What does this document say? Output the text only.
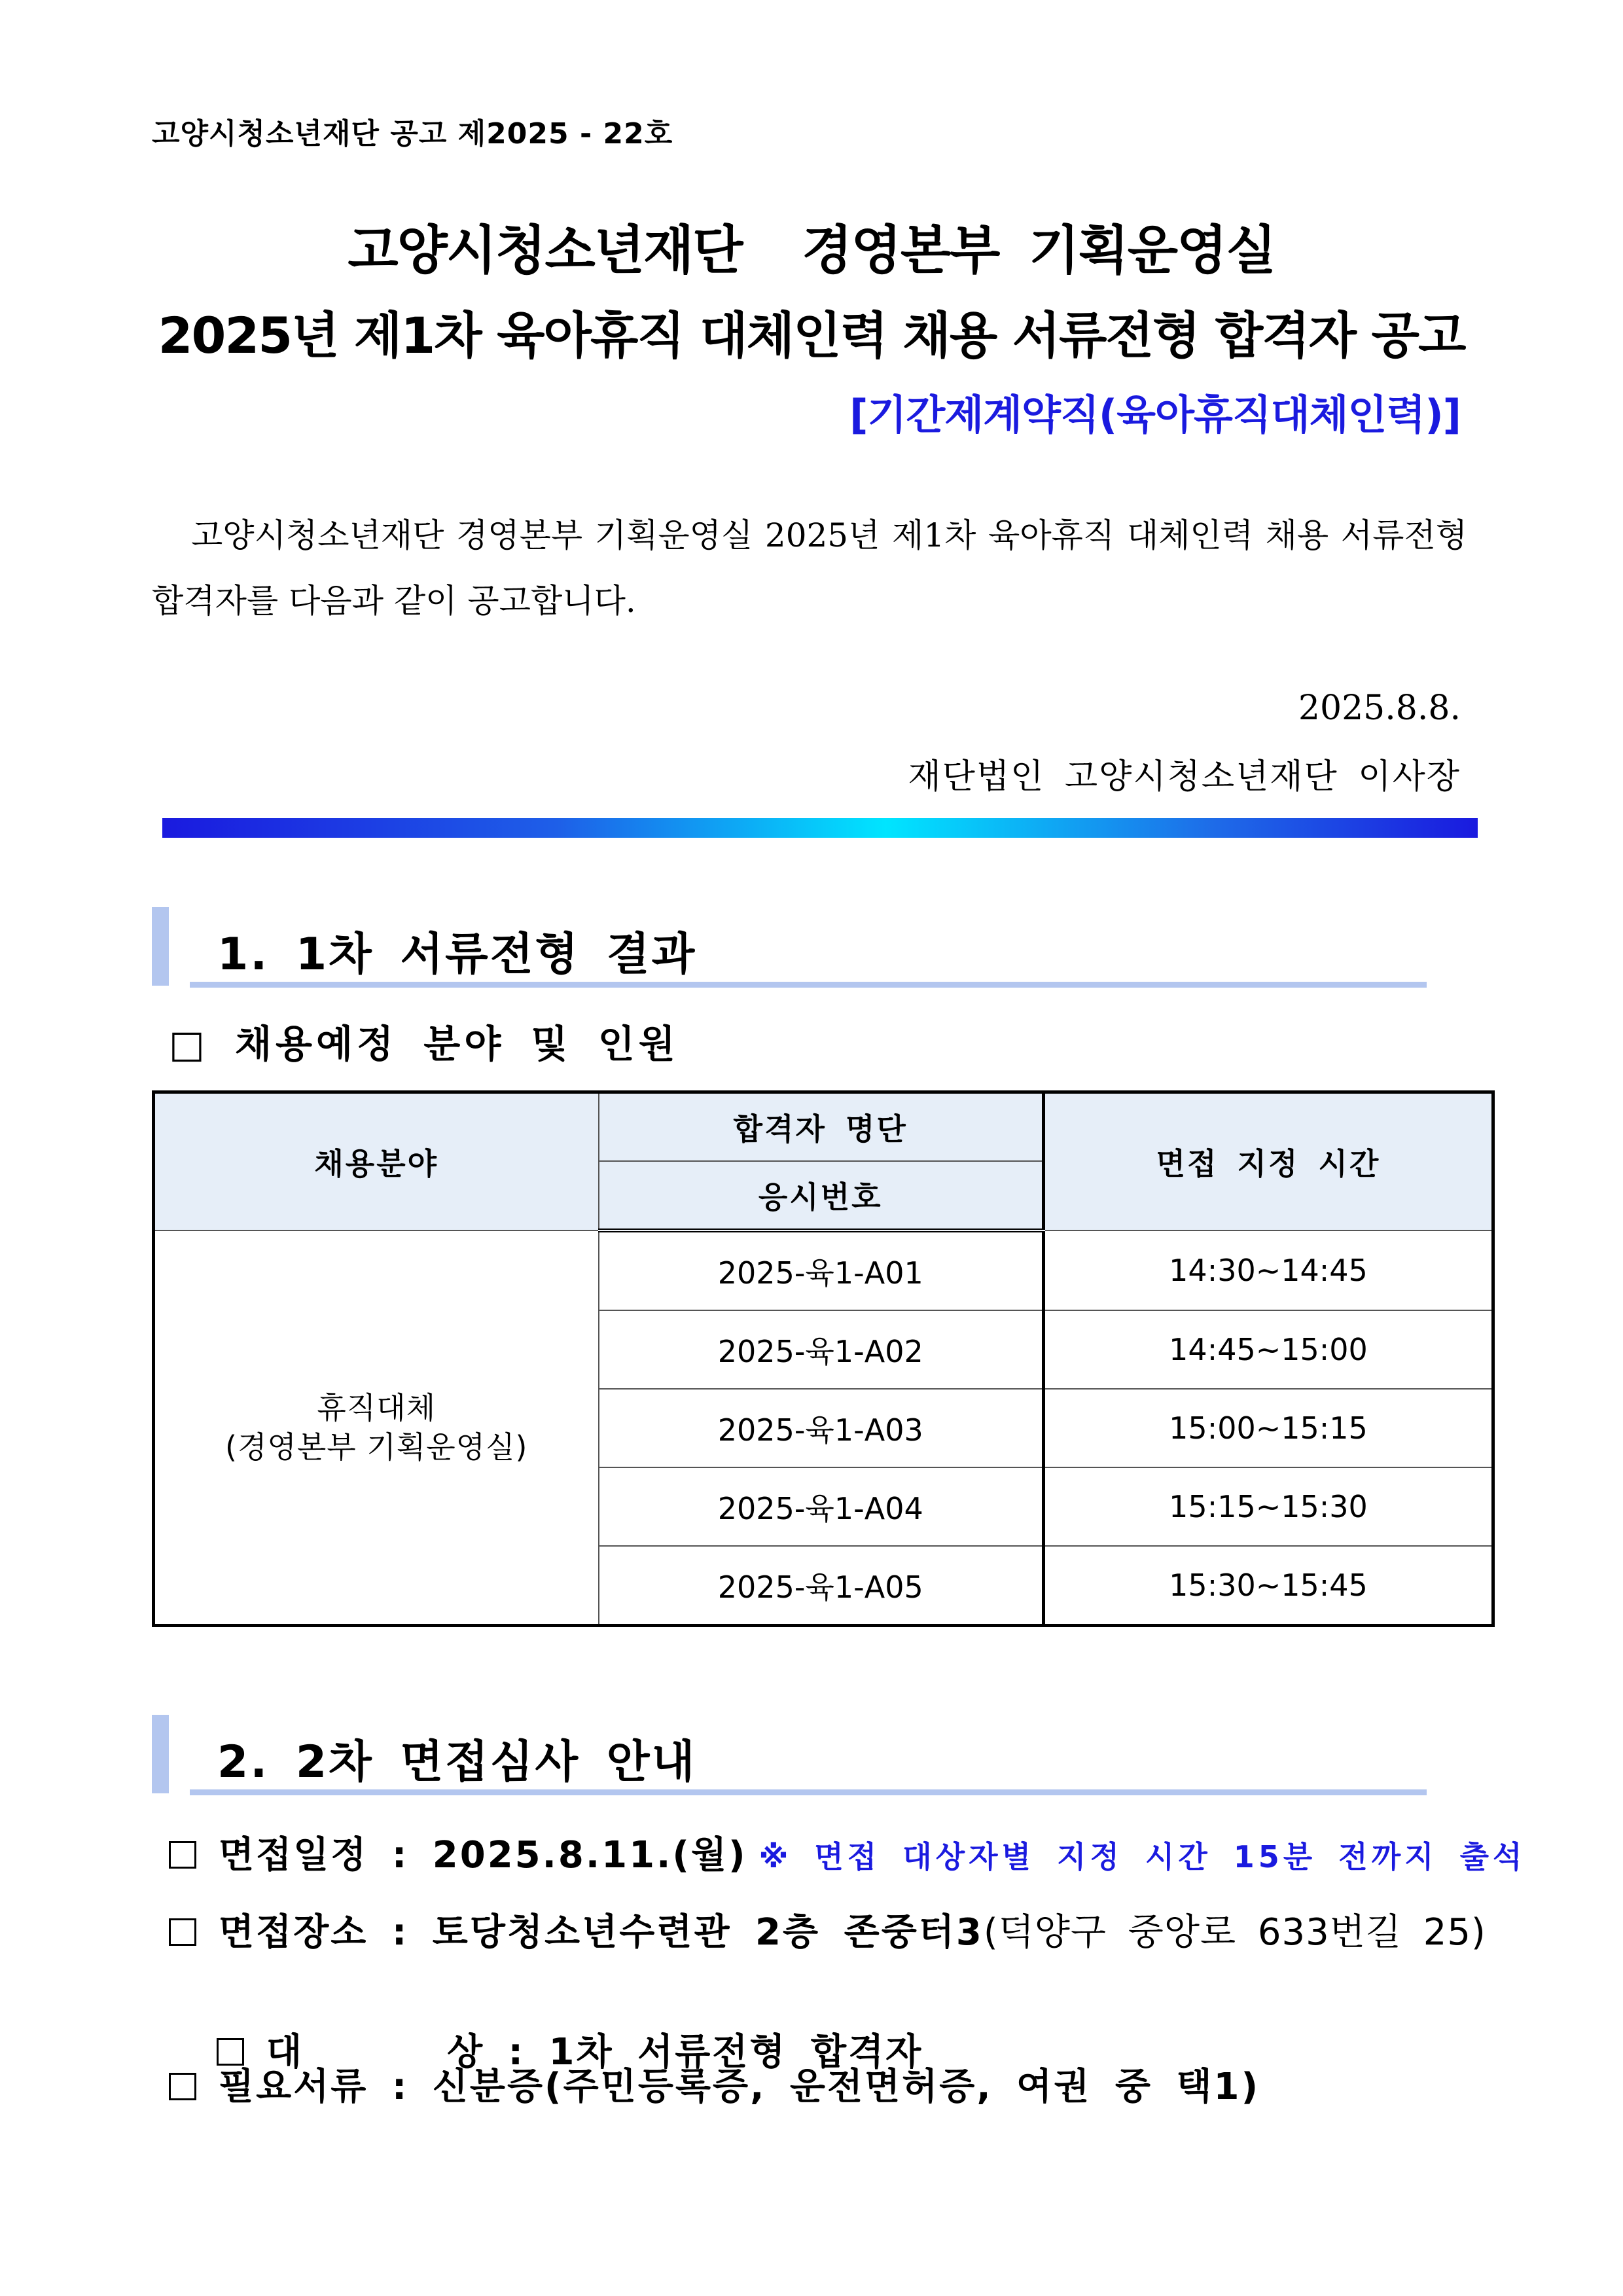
고양시청소년재단 공고 제2025 - 22호
고양시청소년재단  경영본부 기획운영실
2025년 제1차 육아휴직 대체인력 채용 서류전형 합격자 공고
[기간제계약직(육아휴직대체인력)]
고양시청소년재단 경영본부 기획운영실 2025년 제1차 육아휴직 대체인력 채용 서류전형 합격자를 다음과 같이 공고합니다.
2025.8.8.
재단법인 고양시청소년재단 이사장
1. 1차 서류전형 결과
□ 채용예정 분야 및 인원
채용분야	합격자 명단	면접 지정 시간
	응시번호	

휴직대체
(경영본부 기획운영실)	2025-육1-A01	14:30~14:45
	2025-육1-A02	14:45~15:00
	2025-육1-A03	15:00~15:15
	2025-육1-A04	15:15~15:30
	2025-육1-A05	15:30~15:45
2. 2차 면접심사 안내
면접일정 : 2025.8.11.(월) ※ 면접 대상자별 지정 시간 15분 전까지 출석
면접장소 : 토당청소년수련관 2층 존중터3(덕양구 중앙로 633번길 25)

대      상 : 1차 서류전형 합격자

필요서류 : 신분증(주민등록증, 운전면허증, 여권 중 택1)
